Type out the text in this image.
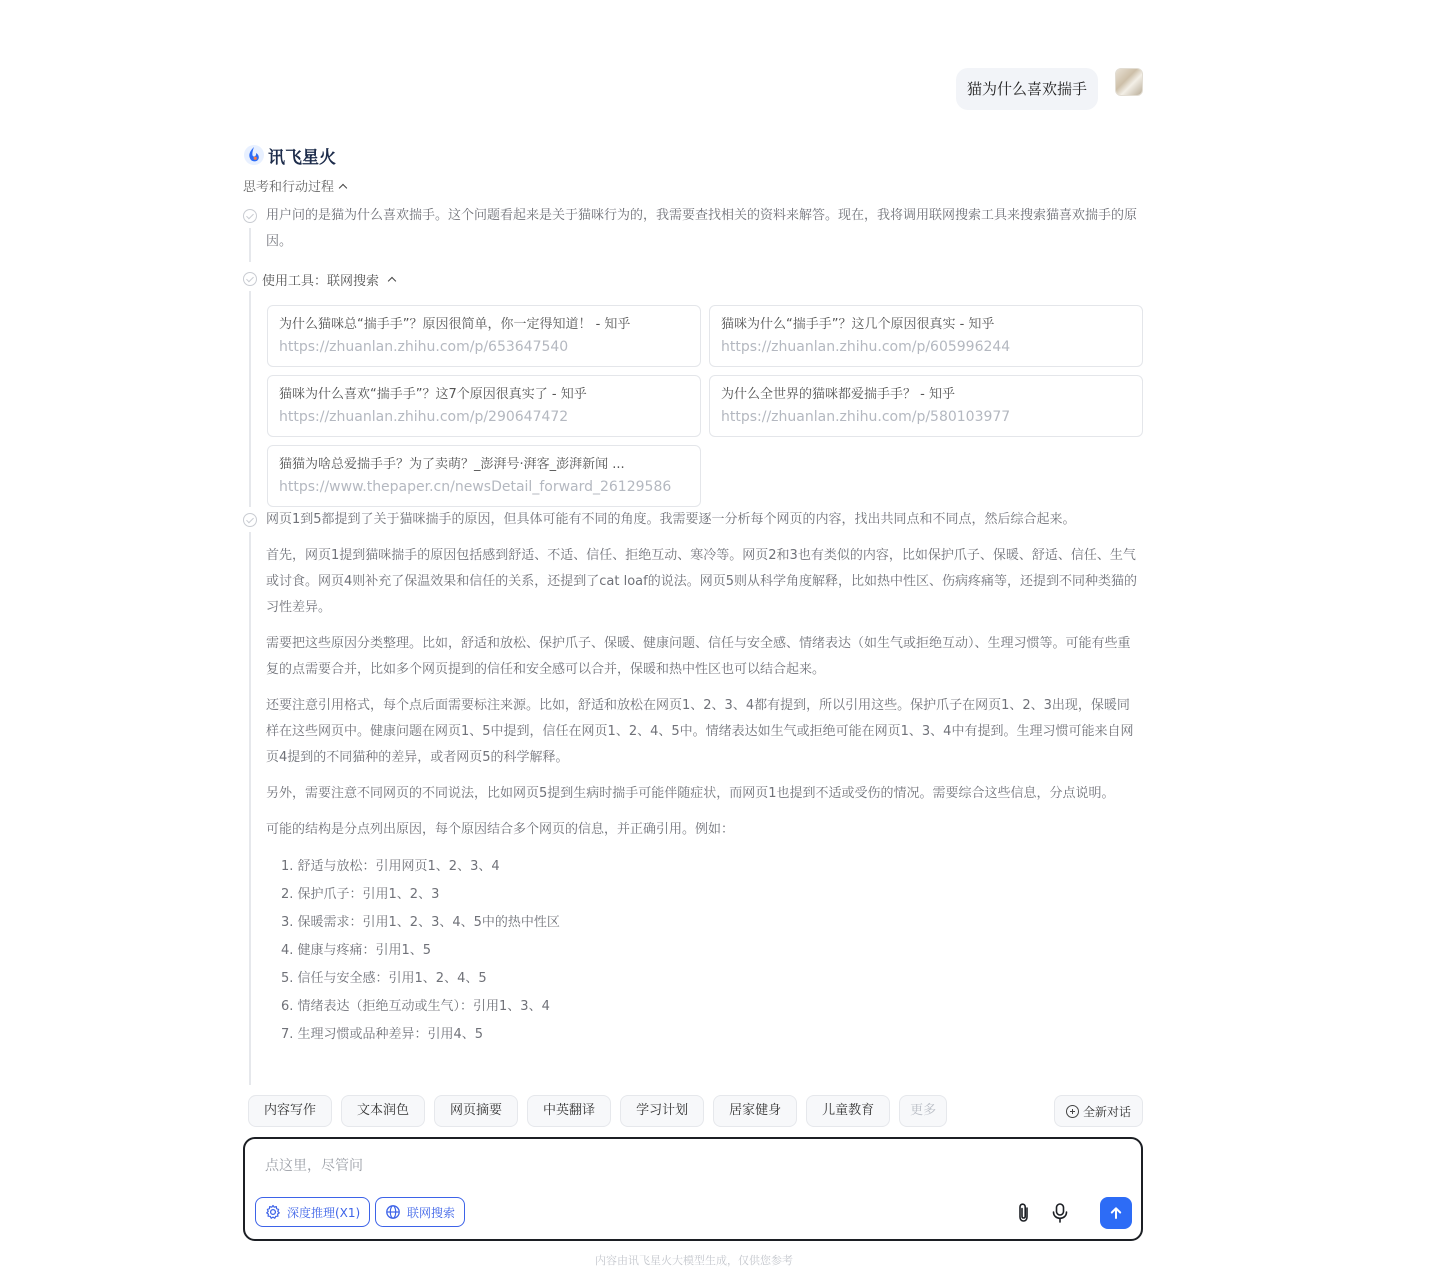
猫为什么喜欢揣手
讯飞星火
思考和行动过程
用户问的是猫为什么喜欢揣手。这个问题看起来是关于猫咪行为的，我需要查找相关的资料来解答。现在，我将调用联网搜索工具来搜索猫喜欢揣手的原因。
使用工具：联网搜索
为什么猫咪总“揣手手”？原因很简单，你一定得知道！ - 知乎
https://zhuanlan.zhihu.com/p/653647540
猫咪为什么“揣手手”？这几个原因很真实 - 知乎
https://zhuanlan.zhihu.com/p/605996244
猫咪为什么喜欢“揣手手”？这7个原因很真实了 - 知乎
https://zhuanlan.zhihu.com/p/290647472
为什么全世界的猫咪都爱揣手手？ - 知乎
https://zhuanlan.zhihu.com/p/580103977
猫猫为啥总爱揣手手？为了卖萌？_澎湃号·湃客_澎湃新闻 ...
https://www.thepaper.cn/newsDetail_forward_26129586

网页1到5都提到了关于猫咪揣手的原因，但具体可能有不同的角度。我需要逐一分析每个网页的内容，找出共同点和不同点，然后综合起来。

首先，网页1提到猫咪揣手的原因包括感到舒适、不适、信任、拒绝互动、寒冷等。网页2和3也有类似的内容，比如保护爪子、保暖、舒适、信任、生气或讨食。网页4则补充了保温效果和信任的关系，还提到了cat loaf的说法。网页5则从科学角度解释，比如热中性区、伤病疼痛等，还提到不同种类猫的习性差异。

需要把这些原因分类整理。比如，舒适和放松、保护爪子、保暖、健康问题、信任与安全感、情绪表达（如生气或拒绝互动）、生理习惯等。可能有些重复的点需要合并，比如多个网页提到的信任和安全感可以合并，保暖和热中性区也可以结合起来。

还要注意引用格式，每个点后面需要标注来源。比如，舒适和放松在网页1、2、3、4都有提到，所以引用这些。保护爪子在网页1、2、3出现，保暖同样在这些网页中。健康问题在网页1、5中提到，信任在网页1、2、4、5中。情绪表达如生气或拒绝可能在网页1、3、4中有提到。生理习惯可能来自网页4提到的不同猫种的差异，或者网页5的科学解释。

另外，需要注意不同网页的不同说法，比如网页5提到生病时揣手可能伴随症状，而网页1也提到不适或受伤的情况。需要综合这些信息，分点说明。

可能的结构是分点列出原因，每个原因结合多个网页的信息，并正确引用。例如：

1. 舒适与放松：引用网页1、2、3、4
2. 保护爪子：引用1、2、3
3. 保暖需求：引用1、2、3、4、5中的热中性区
4. 健康与疼痛：引用1、5
5. 信任与安全感：引用1、2、4、5
6. 情绪表达（拒绝互动或生气）：引用1、3、4
7. 生理习惯或品种差异：引用4、5
内容写作	文本润色	网页摘要	中英翻译	学习计划	居家健身	儿童教育	更多	全新对话
点这里，尽管问
深度推理(X1)	联网搜索
内容由讯飞星火大模型生成，仅供您参考
